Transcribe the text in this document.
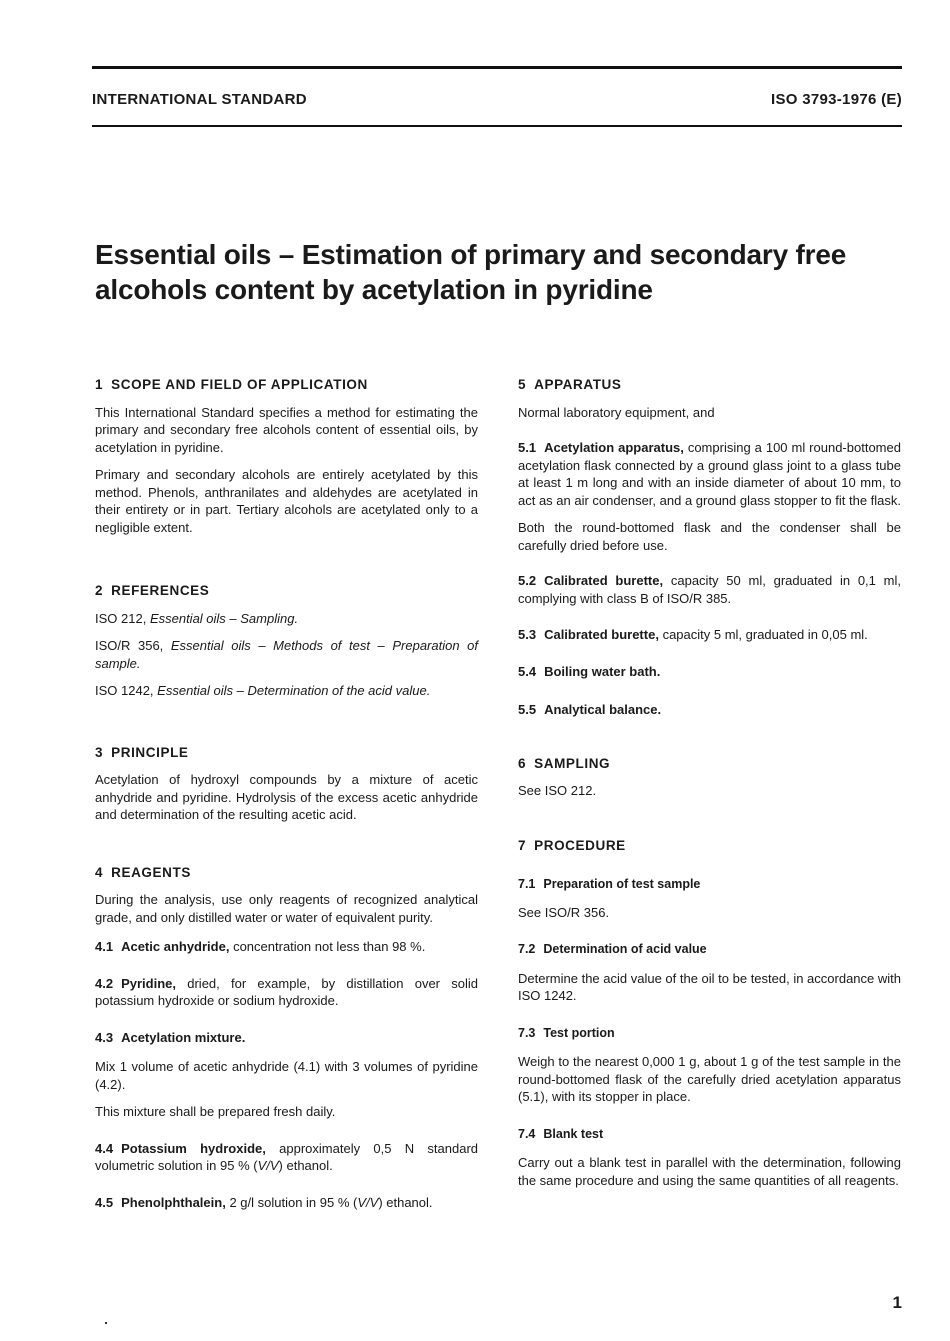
INTERNATIONAL STANDARD	ISO 3793-1976 (E)
Essential oils – Estimation of primary and secondary free
alcohols content by acetylation in pyridine
1 SCOPE AND FIELD OF APPLICATION

This International Standard specifies a method for estimating the primary and secondary free alcohols content of essential oils, by acetylation in pyridine.

Primary and secondary alcohols are entirely acetylated by this method. Phenols, anthranilates and aldehydes are acetylated in their entirety or in part. Tertiary alcohols are acetylated only to a negligible extent.

2 REFERENCES

ISO 212, Essential oils – Sampling.

ISO/R 356, Essential oils – Methods of test – Preparation of sample.

ISO 1242, Essential oils – Determination of the acid value.

3 PRINCIPLE

Acetylation of hydroxyl compounds by a mixture of acetic anhydride and pyridine. Hydrolysis of the excess acetic anhydride and determination of the resulting acetic acid.

4 REAGENTS

During the analysis, use only reagents of recognized analytical grade, and only distilled water or water of equivalent purity.

4.1 Acetic anhydride, concentration not less than 98 %.

4.2 Pyridine, dried, for example, by distillation over solid potassium hydroxide or sodium hydroxide.

4.3 Acetylation mixture.

Mix 1 volume of acetic anhydride (4.1) with 3 volumes of pyridine (4.2).

This mixture shall be prepared fresh daily.

4.4 Potassium hydroxide, approximately 0,5 N standard volumetric solution in 95 % (V/V) ethanol.

4.5 Phenolphthalein, 2 g/l solution in 95 % (V/V) ethanol.

5 APPARATUS

Normal laboratory equipment, and

5.1 Acetylation apparatus, comprising a 100 ml round-bottomed acetylation flask connected by a ground glass joint to a glass tube at least 1 m long and with an inside diameter of about 10 mm, to act as an air condenser, and a ground glass stopper to fit the flask.

Both the round-bottomed flask and the condenser shall be carefully dried before use.

5.2 Calibrated burette, capacity 50 ml, graduated in 0,1 ml, complying with class B of ISO/R 385.

5.3 Calibrated burette, capacity 5 ml, graduated in 0,05 ml.

5.4 Boiling water bath.

5.5 Analytical balance.

6 SAMPLING

See ISO 212.

7 PROCEDURE

7.1 Preparation of test sample

See ISO/R 356.

7.2 Determination of acid value

Determine the acid value of the oil to be tested, in accordance with ISO 1242.

7.3 Test portion

Weigh to the nearest 0,000 1 g, about 1 g of the test sample in the round-bottomed flask of the carefully dried acetylation apparatus (5.1), with its stopper in place.

7.4 Blank test

Carry out a blank test in parallel with the determination, following the same procedure and using the same quantities of all reagents.

1
